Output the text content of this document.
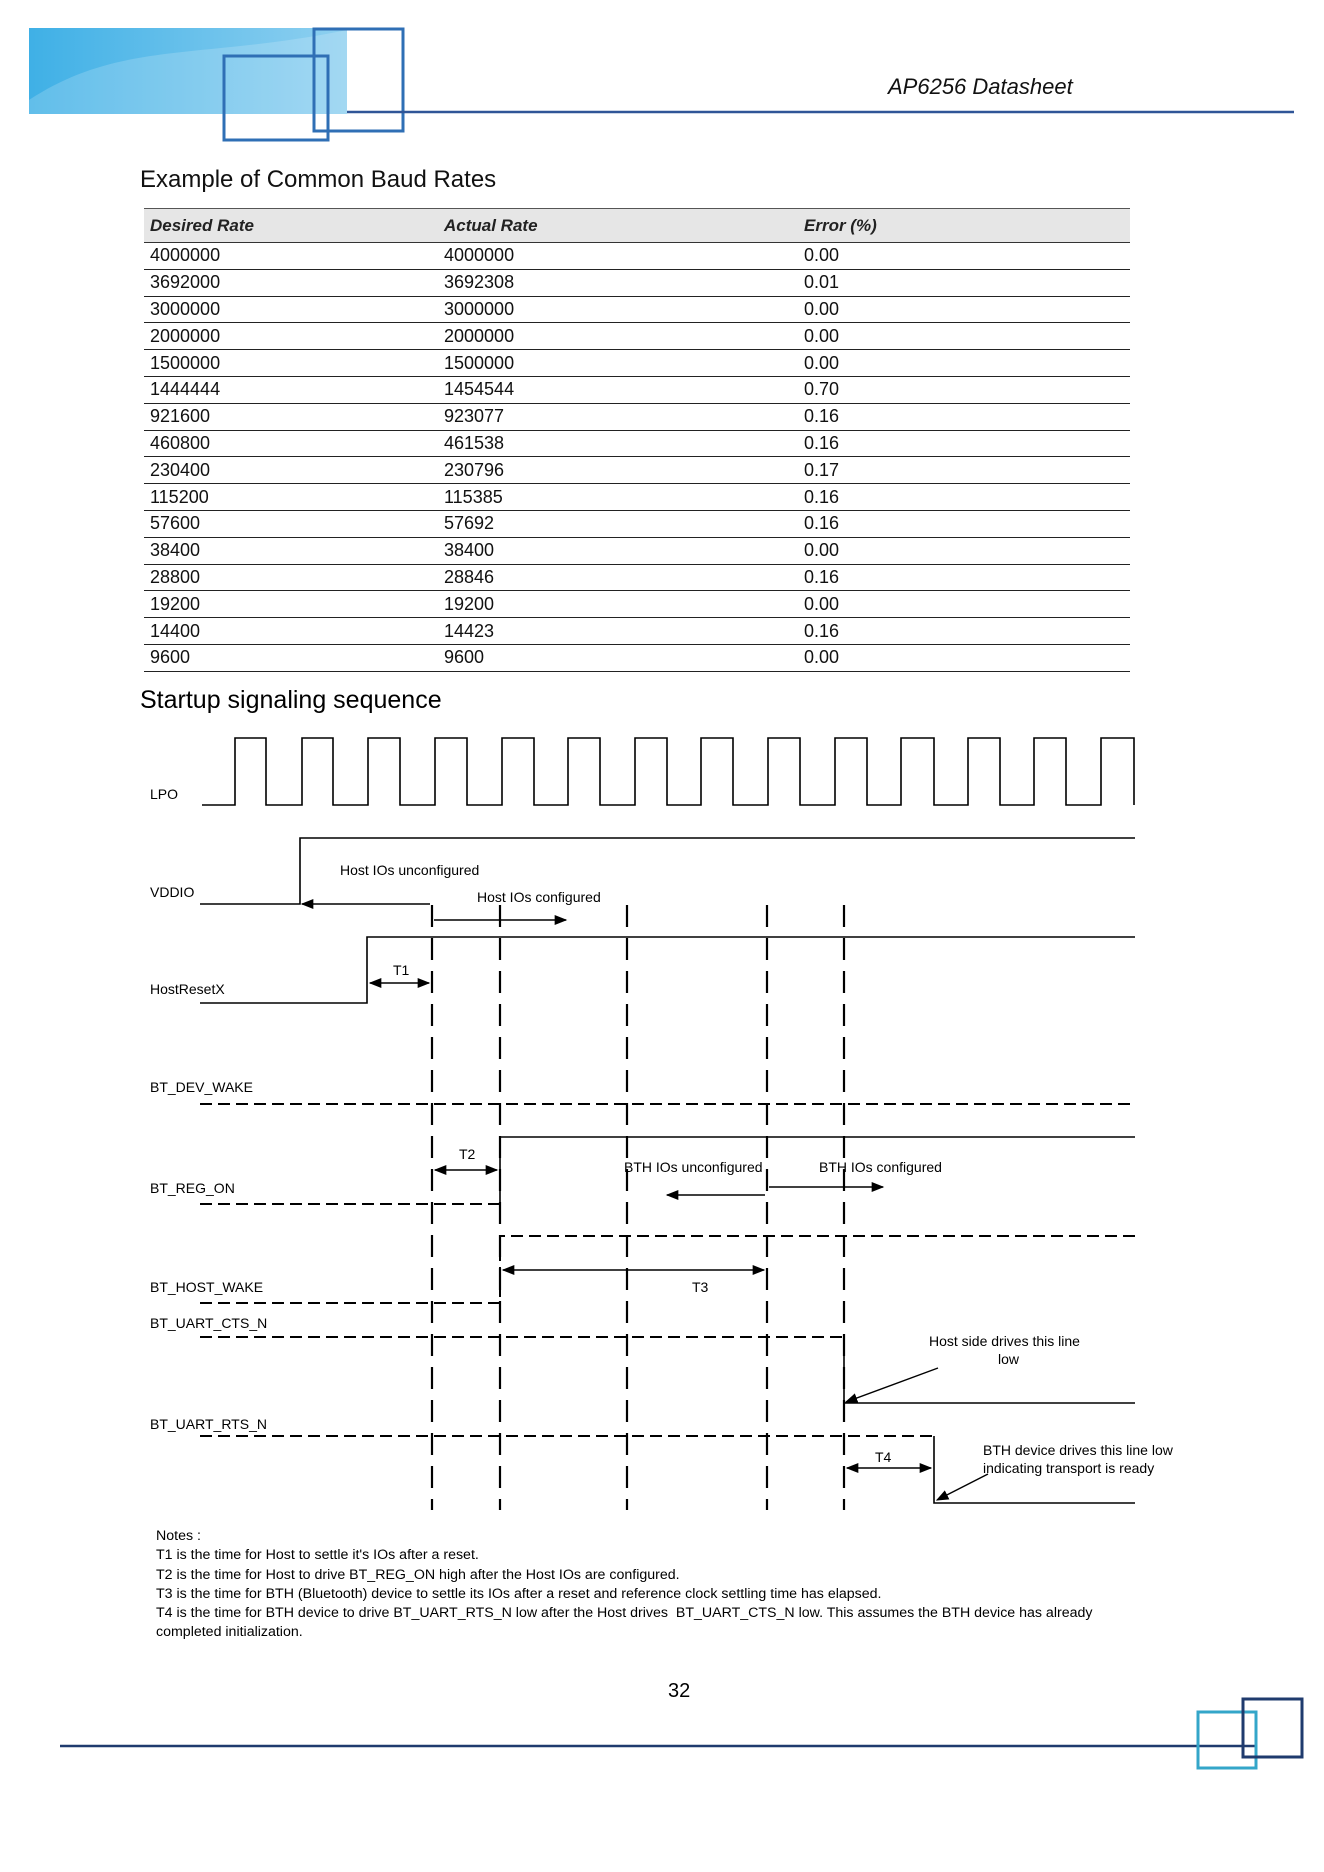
AP6256 Datasheet
Example of Common Baud Rates
Desired Rate	Actual Rate	Error (%)
4000000	4000000	0.00
3692000	3692308	0.01
3000000	3000000	0.00
2000000	2000000	0.00
1500000	1500000	0.00
1444444	1454544	0.70
921600	923077	0.16
460800	461538	0.16
230400	230796	0.17
115200	115385	0.16
57600	57692	0.16
38400	38400	0.00
28800	28846	0.16
19200	19200	0.00
14400	14423	0.16
9600	9600	0.00
Startup signaling sequence
LPO
VDDIO
HostResetX
BT_DEV_WAKE
BT_REG_ON
BT_HOST_WAKE
BT_UART_CTS_N
BT_UART_RTS_N
Host IOs unconfigured
Host IOs configured
T1
T2
BTH IOs unconfigured	BTH IOs configured
T3
T4
Host side drives this line
low
BTH device drives this line low
indicating transport is ready
Notes :
T1 is the time for Host to settle it's IOs after a reset.
T2 is the time for Host to drive BT_REG_ON high after the Host IOs are configured.
T3 is the time for BTH (Bluetooth) device to settle its IOs after a reset and reference clock settling time has elapsed.
T4 is the time for BTH device to drive BT_UART_RTS_N low after the Host drives  BT_UART_CTS_N low. This assumes the BTH device has already
completed initialization.
32
